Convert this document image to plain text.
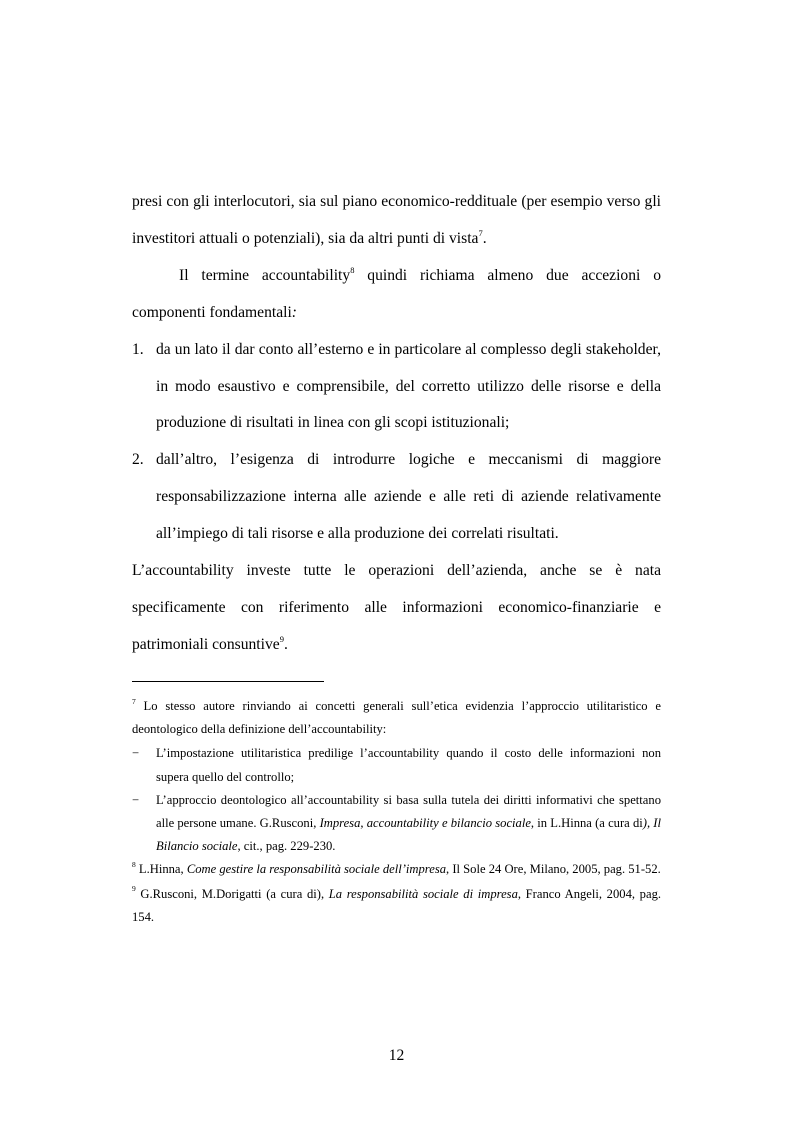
presi con gli interlocutori, sia sul piano economico-reddituale (per esempio verso gli investitori attuali o potenziali), sia da altri punti di vista$^7$.

Il termine accountability$^8$ quindi richiama almeno due accezioni o componenti fondamentali:

1. da un lato il dar conto all’esterno e in particolare al complesso degli stakeholder, in modo esaustivo e comprensibile, del corretto utilizzo delle risorse e della produzione di risultati in linea con gli scopi istituzionali;
2. dall’altro, l’esigenza di introdurre logiche e meccanismi di maggiore responsabilizzazione interna alle aziende e alle reti di aziende relativamente all’impiego di tali risorse e alla produzione dei correlati risultati.

L’accountability investe tutte le operazioni dell’azienda, anche se è nata specificamente con riferimento alle informazioni economico-finanziarie e patrimoniali consuntive$^9$.

$^7$ Lo stesso autore rinviando ai concetti generali sull’etica evidenzia l’approccio utilitaristico e deontologico della definizione dell’accountability:

− L’impostazione utilitaristica predilige l’accountability quando il costo delle informazioni non supera quello del controllo;
− L’approccio deontologico all’accountability si basa sulla tutela dei diritti informativi che spettano alle persone umane. G.Rusconi, Impresa, accountability e bilancio sociale, in L.Hinna (a cura di), Il Bilancio sociale, cit., pag. 229-230.

$^8$ L.Hinna, Come gestire la responsabilità sociale dell’impresa, Il Sole 24 Ore, Milano, 2005, pag. 51-52.

$^9$ G.Rusconi, M.Dorigatti (a cura di), La responsabilità sociale di impresa, Franco Angeli, 2004, pag. 154.

12
